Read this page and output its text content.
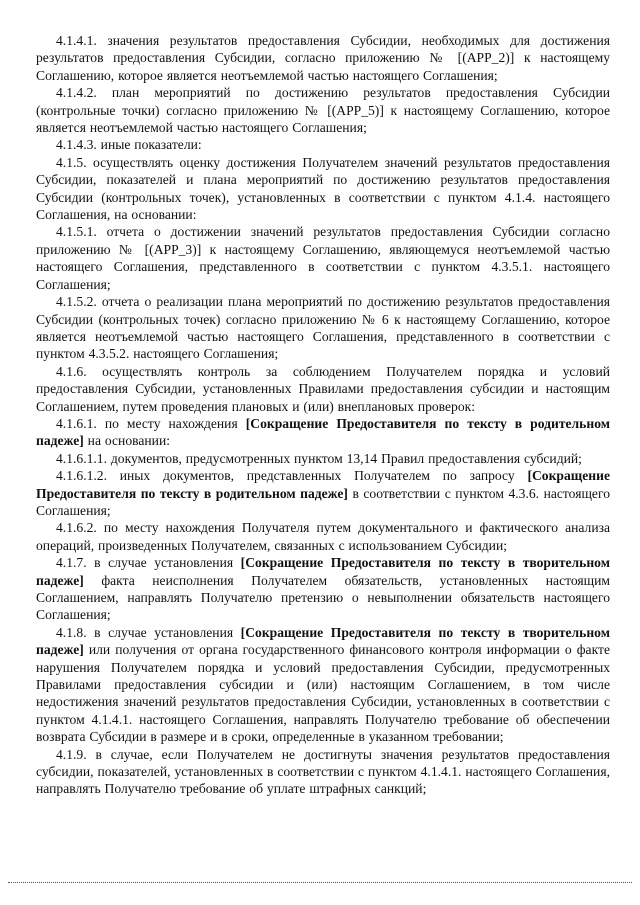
4.1.4.1. значения результатов предоставления Субсидии, необходимых для достижения результатов предоставления Субсидии, согласно приложению № [(APP_2)] к настоящему Соглашению, которое является неотъемлемой частью настоящего Соглашения;

4.1.4.2. план мероприятий по достижению результатов предоставления Субсидии (контрольные точки) согласно приложению № [(APP_5)] к настоящему Соглашению, которое является неотъемлемой частью настоящего Соглашения;

4.1.4.3. иные показатели:

4.1.5. осуществлять оценку достижения Получателем значений результатов предоставления Субсидии, показателей и плана мероприятий по достижению результатов предоставления Субсидии (контрольных точек), установленных в соответствии с пунктом 4.1.4. настоящего Соглашения, на основании:

4.1.5.1. отчета о достижении значений результатов предоставления Субсидии согласно приложению № [(APP_3)] к настоящему Соглашению, являющемуся неотъемлемой частью настоящего Соглашения, представленного в соответствии с пунктом 4.3.5.1. настоящего Соглашения;

4.1.5.2. отчета о реализации плана мероприятий по достижению результатов предоставления Субсидии (контрольных точек) согласно приложению № 6 к настоящему Соглашению, которое является неотъемлемой частью настоящего Соглашения, представленного в соответствии с пунктом 4.3.5.2. настоящего Соглашения;

4.1.6. осуществлять контроль за соблюдением Получателем порядка и условий предоставления Субсидии, установленных Правилами предоставления субсидии и настоящим Соглашением, путем проведения плановых и (или) внеплановых проверок:

4.1.6.1. по месту нахождения [Сокращение Предоставителя по тексту в родительном падеже] на основании:

4.1.6.1.1. документов, предусмотренных пунктом 13,14 Правил предоставления субсидий;

4.1.6.1.2. иных документов, представленных Получателем по запросу [Сокращение Предоставителя по тексту в родительном падеже] в соответствии с пунктом 4.3.6. настоящего Соглашения;

4.1.6.2. по месту нахождения Получателя путем документального и фактического анализа операций, произведенных Получателем, связанных с использованием Субсидии;

4.1.7. в случае установления [Сокращение Предоставителя по тексту в творительном падеже] факта неисполнения Получателем обязательств, установленных настоящим Соглашением, направлять Получателю претензию о невыполнении обязательств настоящего Соглашения;

4.1.8. в случае установления [Сокращение Предоставителя по тексту в творительном падеже] или получения от органа государственного финансового контроля информации о факте нарушения Получателем порядка и условий предоставления Субсидии, предусмотренных Правилами предоставления субсидии и (или) настоящим Соглашением, в том числе недостижения значений результатов предоставления Субсидии, установленных в соответствии с пунктом 4.1.4.1. настоящего Соглашения, направлять Получателю требование об обеспечении возврата Субсидии в размере и в сроки, определенные в указанном требовании;

4.1.9. в случае, если Получателем не достигнуты значения результатов предоставления субсидии, показателей, установленных в соответствии с пунктом 4.1.4.1. настоящего Соглашения, направлять Получателю требование об уплате штрафных санкций;
